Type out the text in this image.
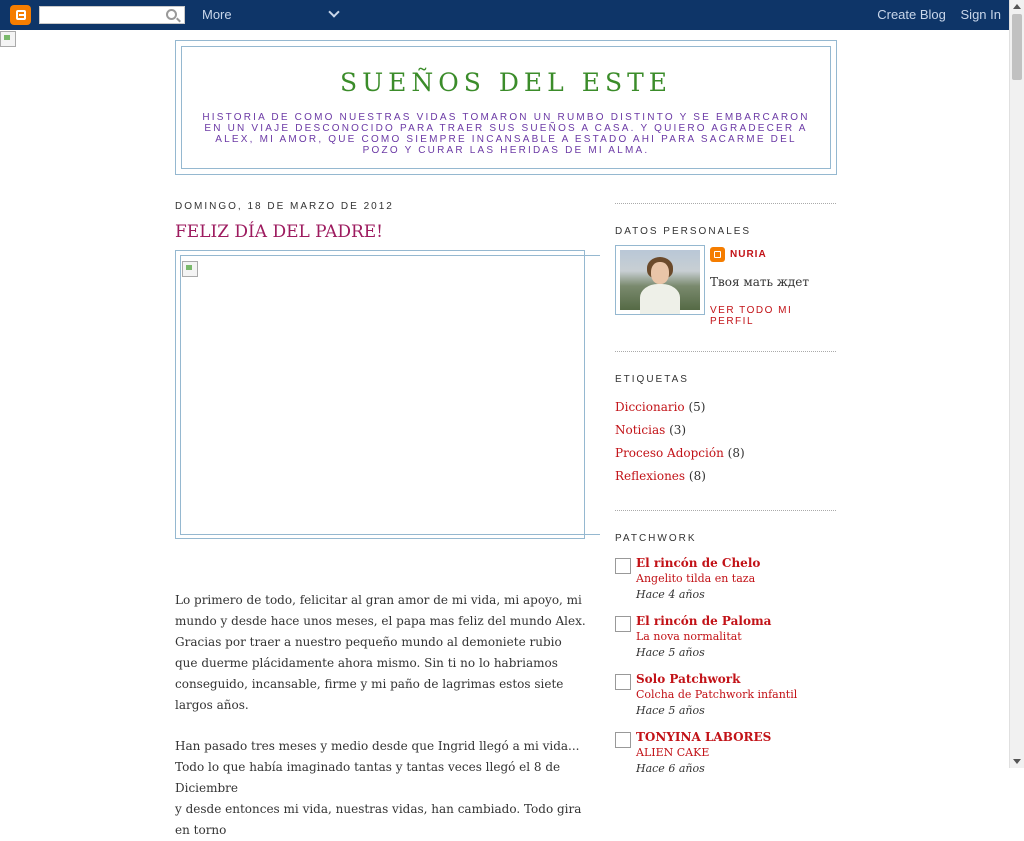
More	Create Blog Sign In
SUEÑOS DEL ESTE
HISTORIA DE COMO NUESTRAS VIDAS TOMARON UN RUMBO DISTINTO Y SE EMBARCARON EN UN VIAJE DESCONOCIDO PARA TRAER SUS SUEÑOS A CASA. Y QUIERO AGRADECER A ALEX, MI AMOR, QUE COMO SIEMPRE INCANSABLE A ESTADO AHI PARA SACARME DEL POZO Y CURAR LAS HERIDAS DE MI ALMA.
DOMINGO, 18 DE MARZO DE 2012
FELIZ DÍA DEL PADRE!

Lo primero de todo, felicitar al gran amor de mi vida, mi apoyo, mi mundo y desde hace unos meses, el papa mas feliz del mundo Alex. Gracias por traer a nuestro pequeño mundo al demoniete rubio que duerme plácidamente ahora mismo. Sin ti no lo habriamos conseguido, incansable, firme y mi paño de lagrimas estos siete largos años.

Han pasado tres meses y medio desde que Ingrid llegó a mi vida...

Todo lo que había imaginado tantas y tantas veces llegó el 8 de Diciembre

y desde entonces mi vida, nuestras vidas, han cambiado. Todo gira en torno

DATOS PERSONALES
NURIA
Твоя мать ждет
VER TODO MI PERFIL
ETIQUETAS
Diccionario (5)
Noticias (3)
Proceso Adopción (8)
Reflexiones (8)
PATCHWORK
El rincón de Chelo
Angelito tilda en taza
Hace 4 años
El rincón de Paloma
La nova normalitat
Hace 5 años
Solo Patchwork
Colcha de Patchwork infantil
Hace 5 años
TONYINA LABORES
ALIEN CAKE
Hace 6 años
